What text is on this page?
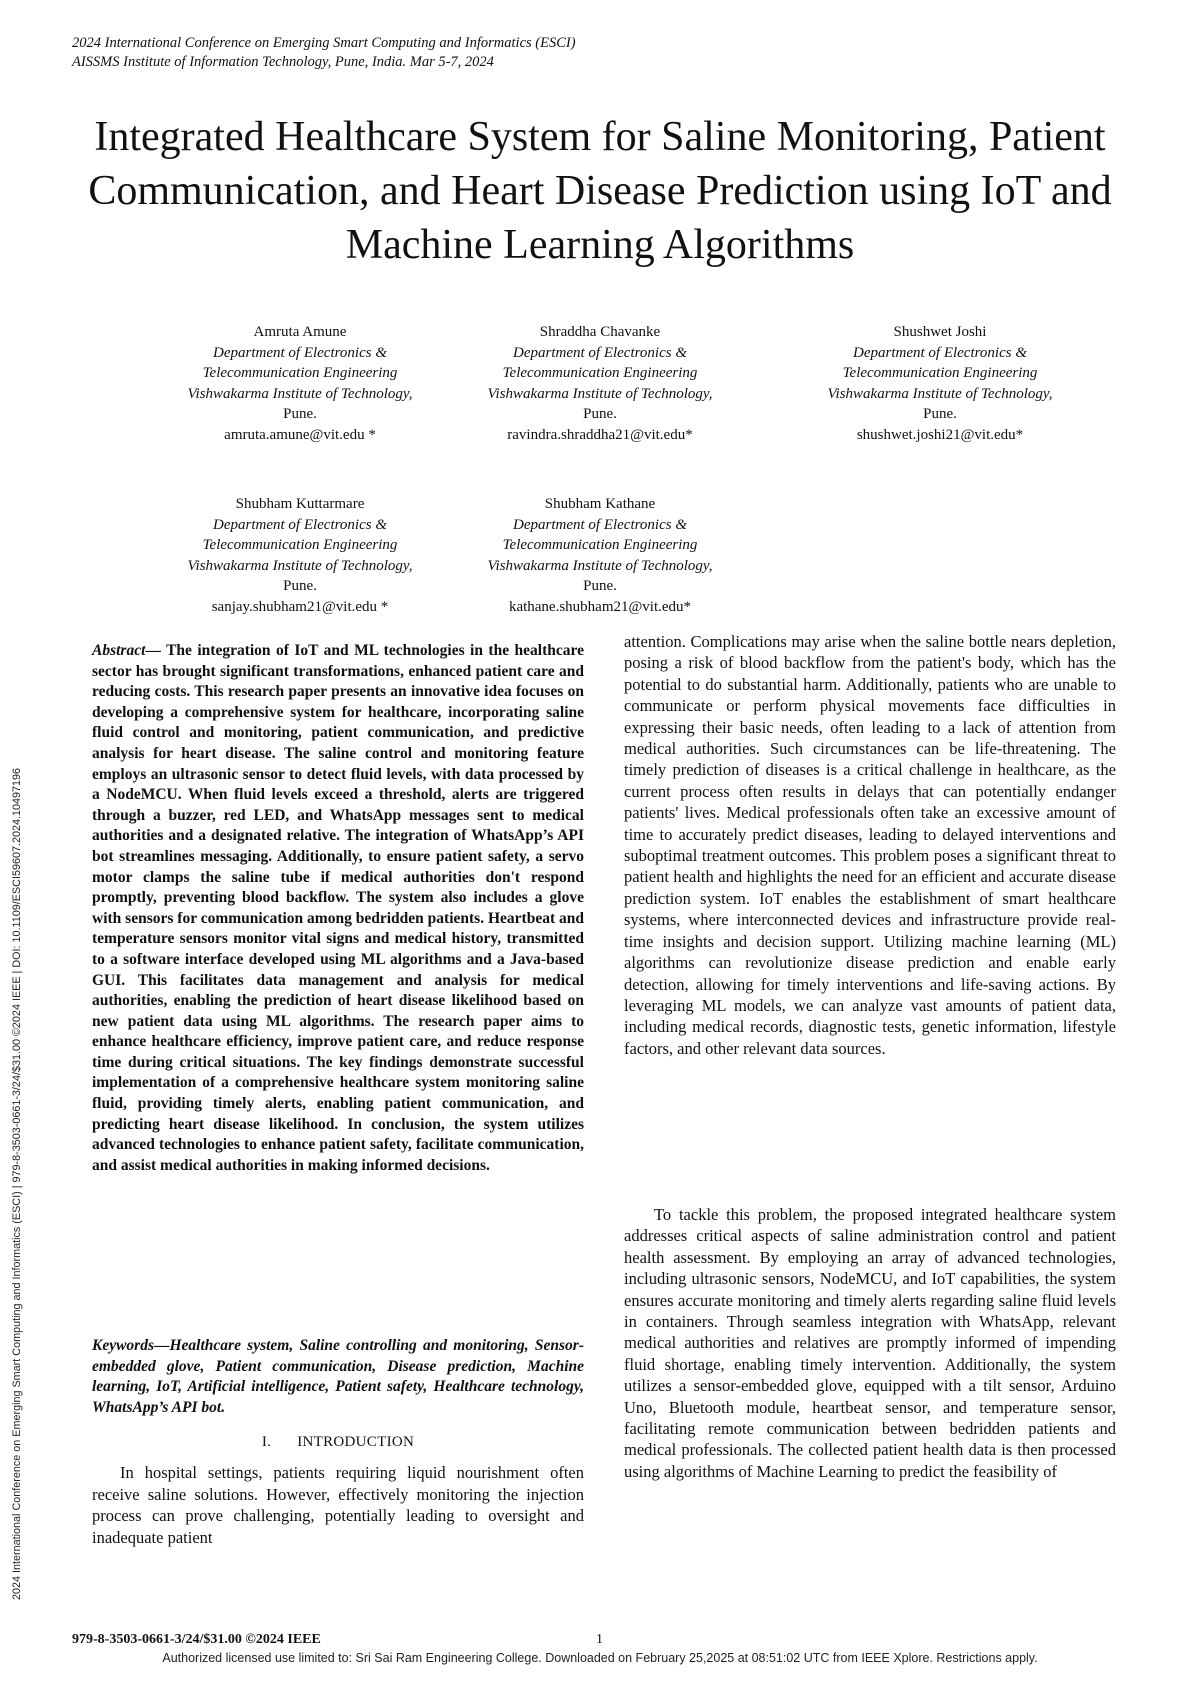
2024 International Conference on Emerging Smart Computing and Informatics (ESCI)
AISSMS Institute of Information Technology, Pune, India. Mar 5-7, 2024
Integrated Healthcare System for Saline Monitoring, Patient Communication, and Heart Disease Prediction using IoT and Machine Learning Algorithms
Amruta Amune
Department of Electronics &
Telecommunication Engineering
Vishwakarma Institute of Technology,
Pune.
amruta.amune@vit.edu *
Shraddha Chavanke
Department of Electronics &
Telecommunication Engineering
Vishwakarma Institute of Technology,
Pune.
ravindra.shraddha21@vit.edu*
Shushwet Joshi
Department of Electronics &
Telecommunication Engineering
Vishwakarma Institute of Technology,
Pune.
shushwet.joshi21@vit.edu*
Shubham Kuttarmare
Department of Electronics &
Telecommunication Engineering
Vishwakarma Institute of Technology,
Pune.
sanjay.shubham21@vit.edu *
Shubham Kathane
Department of Electronics &
Telecommunication Engineering
Vishwakarma Institute of Technology,
Pune.
kathane.shubham21@vit.edu*

Abstract— The integration of IoT and ML technologies in the healthcare sector has brought significant transformations, enhanced patient care and reducing costs. This research paper presents an innovative idea focuses on developing a comprehensive system for healthcare, incorporating saline fluid control and monitoring, patient communication, and predictive analysis for heart disease. The saline control and monitoring feature employs an ultrasonic sensor to detect fluid levels, with data processed by a NodeMCU. When fluid levels exceed a threshold, alerts are triggered through a buzzer, red LED, and WhatsApp messages sent to medical authorities and a designated relative. The integration of WhatsApp’s API bot streamlines messaging. Additionally, to ensure patient safety, a servo motor clamps the saline tube if medical authorities don't respond promptly, preventing blood backflow. The system also includes a glove with sensors for communication among bedridden patients. Heartbeat and temperature sensors monitor vital signs and medical history, transmitted to a software interface developed using ML algorithms and a Java-based GUI. This facilitates data management and analysis for medical authorities, enabling the prediction of heart disease likelihood based on new patient data using ML algorithms. The research paper aims to enhance healthcare efficiency, improve patient care, and reduce response time during critical situations. The key findings demonstrate successful implementation of a comprehensive healthcare system monitoring saline fluid, providing timely alerts, enabling patient communication, and predicting heart disease likelihood. In conclusion, the system utilizes advanced technologies to enhance patient safety, facilitate communication, and assist medical authorities in making informed decisions.

Keywords—Healthcare system, Saline controlling and monitoring, Sensor-embedded glove, Patient communication, Disease prediction, Machine learning, IoT, Artificial intelligence, Patient safety, Healthcare technology, WhatsApp’s API bot.

I. INTRODUCTION

In hospital settings, patients requiring liquid nourishment often receive saline solutions. However, effectively monitoring the injection process can prove challenging, potentially leading to oversight and inadequate patient

attention. Complications may arise when the saline bottle nears depletion, posing a risk of blood backflow from the patient's body, which has the potential to do substantial harm. Additionally, patients who are unable to communicate or perform physical movements face difficulties in expressing their basic needs, often leading to a lack of attention from medical authorities. Such circumstances can be life-threatening. The timely prediction of diseases is a critical challenge in healthcare, as the current process often results in delays that can potentially endanger patients' lives. Medical professionals often take an excessive amount of time to accurately predict diseases, leading to delayed interventions and suboptimal treatment outcomes. This problem poses a significant threat to patient health and highlights the need for an efficient and accurate disease prediction system. IoT enables the establishment of smart healthcare systems, where interconnected devices and infrastructure provide real-time insights and decision support. Utilizing machine learning (ML) algorithms can revolutionize disease prediction and enable early detection, allowing for timely interventions and life-saving actions. By leveraging ML models, we can analyze vast amounts of patient data, including medical records, diagnostic tests, genetic information, lifestyle factors, and other relevant data sources.

To tackle this problem, the proposed integrated healthcare system addresses critical aspects of saline administration control and patient health assessment. By employing an array of advanced technologies, including ultrasonic sensors, NodeMCU, and IoT capabilities, the system ensures accurate monitoring and timely alerts regarding saline fluid levels in containers. Through seamless integration with WhatsApp, relevant medical authorities and relatives are promptly informed of impending fluid shortage, enabling timely intervention. Additionally, the system utilizes a sensor-embedded glove, equipped with a tilt sensor, Arduino Uno, Bluetooth module, heartbeat sensor, and temperature sensor, facilitating remote communication between bedridden patients and medical professionals. The collected patient health data is then processed using algorithms of Machine Learning to predict the feasibility of

2024 International Conference on Emerging Smart Computing and Informatics (ESCI) | 979-8-3503-0661-3/24/$31.00 ©2024 IEEE | DOI: 10.1109/ESCI59607.2024.10497196
979-8-3503-0661-3/24/$31.00 ©2024 IEEE	1
Authorized licensed use limited to: Sri Sai Ram Engineering College. Downloaded on February 25,2025 at 08:51:02 UTC from IEEE Xplore. Restrictions apply.
